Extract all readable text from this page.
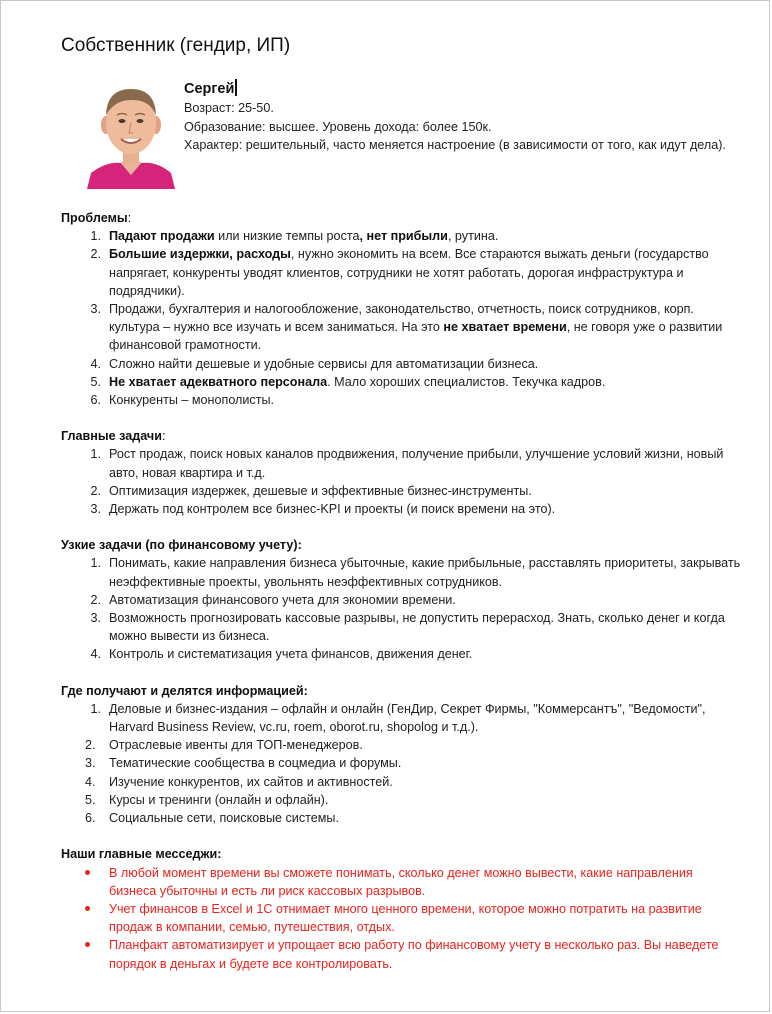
Собственник (гендир, ИП)
Сергей
Возраст: 25-50.
Образование: высшее. Уровень дохода: более 150к.
Характер: решительный, часто меняется настроение (в зависимости от того, как идут дела).
Проблемы:
1. Падают продажи или низкие темпы роста, нет прибыли, рутина.
2. Большие издержки, расходы, нужно экономить на всем. Все стараются выжать деньги (государство напрягает, конкуренты уводят клиентов, сотрудники не хотят работать, дорогая инфраструктура и подрядчики).
3. Продажи, бухгалтерия и налогообложение, законодательство, отчетность, поиск сотрудников, корп. культура – нужно все изучать и всем заниматься. На это не хватает времени, не говоря уже о развитии финансовой грамотности.
4. Сложно найти дешевые и удобные сервисы для автоматизации бизнеса.
5. Не хватает адекватного персонала. Мало хороших специалистов. Текучка кадров.
6. Конкуренты – монополисты.
Главные задачи:
1. Рост продаж, поиск новых каналов продвижения, получение прибыли, улучшение условий жизни, новый авто, новая квартира и т.д.
2. Оптимизация издержек, дешевые и эффективные бизнес-инструменты.
3. Держать под контролем все бизнес-KPI и проекты (и поиск времени на это).
Узкие задачи (по финансовому учету):
1. Понимать, какие направления бизнеса убыточные, какие прибыльные, расставлять приоритеты, закрывать неэффективные проекты, увольнять неэффективных сотрудников.
2. Автоматизация финансового учета для экономии времени.
3. Возможность прогнозировать кассовые разрывы, не допустить перерасход. Знать, сколько денег и когда можно вывести из бизнеса.
4. Контроль и систематизация учета финансов, движения денег.
Где получают и делятся информацией:
1. Деловые и бизнес-издания – офлайн и онлайн (ГенДир, Секрет Фирмы, "Коммерсантъ", "Ведомости", Harvard Business Review, vc.ru, roem, oborot.ru, shopolog и т.д.).
2.	Отраслевые ивенты для ТОП-менеджеров.
3.	Тематические сообщества в соцмедиа и форумы.
4.	Изучение конкурентов, их сайтов и активностей.
5.	Курсы и тренинги (онлайн и офлайн).
6.	Социальные сети, поисковые системы.
Наши главные месседжи:
В любой момент времени вы сможете понимать, сколько денег можно вывести, какие направления бизнеса убыточны и есть ли риск кассовых разрывов.
Учет финансов в Excel и 1С отнимает много ценного времени, которое можно потратить на развитие продаж в компании, семью, путешествия, отдых.
Планфакт автоматизирует и упрощает всю работу по финансовому учету в несколько раз. Вы наведете порядок в деньгах и будете все контролировать.
